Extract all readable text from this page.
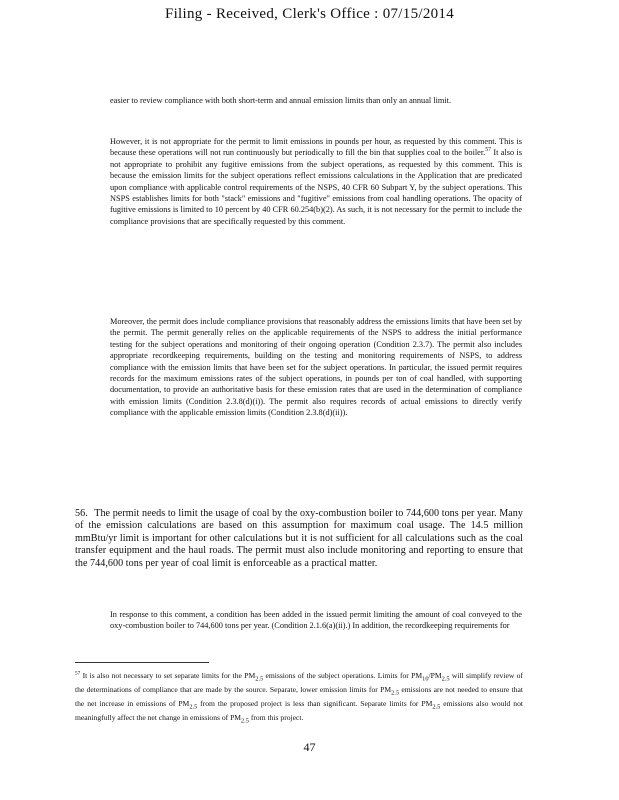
Filing - Received, Clerk's Office : 07/15/2014
easier to review compliance with both short-term and annual emission limits than only an annual limit.
However, it is not appropriate for the permit to limit emissions in pounds per hour, as requested by this comment. This is because these operations will not run continuously but periodically to fill the bin that supplies coal to the boiler.$^{57}$ It also is not appropriate to prohibit any fugitive emissions from the subject operations, as requested by this comment. This is because the emission limits for the subject operations reflect emissions calculations in the Application that are predicated upon compliance with applicable control requirements of the NSPS, 40 CFR 60 Subpart Y, by the subject operations. This NSPS establishes limits for both "stack" emissions and "fugitive" emissions from coal handling operations. The opacity of fugitive emissions is limited to 10 percent by 40 CFR 60.254(b)(2). As such, it is not necessary for the permit to include the compliance provisions that are specifically requested by this comment.
Moreover, the permit does include compliance provisions that reasonably address the emissions limits that have been set by the permit. The permit generally relies on the applicable requirements of the NSPS to address the initial performance testing for the subject operations and monitoring of their ongoing operation (Condition 2.3.7). The permit also includes appropriate recordkeeping requirements, building on the testing and monitoring requirements of NSPS, to address compliance with the emission limits that have been set for the subject operations. In particular, the issued permit requires records for the maximum emissions rates of the subject operations, in pounds per ton of coal handled, with supporting documentation, to provide an authoritative basis for these emission rates that are used in the determination of compliance with emission limits (Condition 2.3.8(d)(i)). The permit also requires records of actual emissions to directly verify compliance with the applicable emission limits (Condition 2.3.8(d)(ii)).
56. The permit needs to limit the usage of coal by the oxy-combustion boiler to 744,600 tons per year. Many of the emission calculations are based on this assumption for maximum coal usage. The 14.5 million mmBtu/yr limit is important for other calculations but it is not sufficient for all calculations such as the coal transfer equipment and the haul roads. The permit must also include monitoring and reporting to ensure that the 744,600 tons per year of coal limit is enforceable as a practical matter.
In response to this comment, a condition has been added in the issued permit limiting the amount of coal conveyed to the oxy-combustion boiler to 744,600 tons per year. (Condition 2.1.6(a)(ii).) In addition, the recordkeeping requirements for
$^{57}$ It is also not necessary to set separate limits for the $PM_{2.5}$ emissions of the subject operations. Limits for $PM_{10}/PM_{2.5}$ will simplify review of the determinations of compliance that are made by the source. Separate, lower emission limits for $PM_{2.5}$ emissions are not needed to ensure that the net increase in emissions of $PM_{2.5}$ from the proposed project is less than significant. Separate limits for $PM_{2.5}$ emissions also would not meaningfully affect the net change in emissions of $PM_{2.5}$ from this project.
47
